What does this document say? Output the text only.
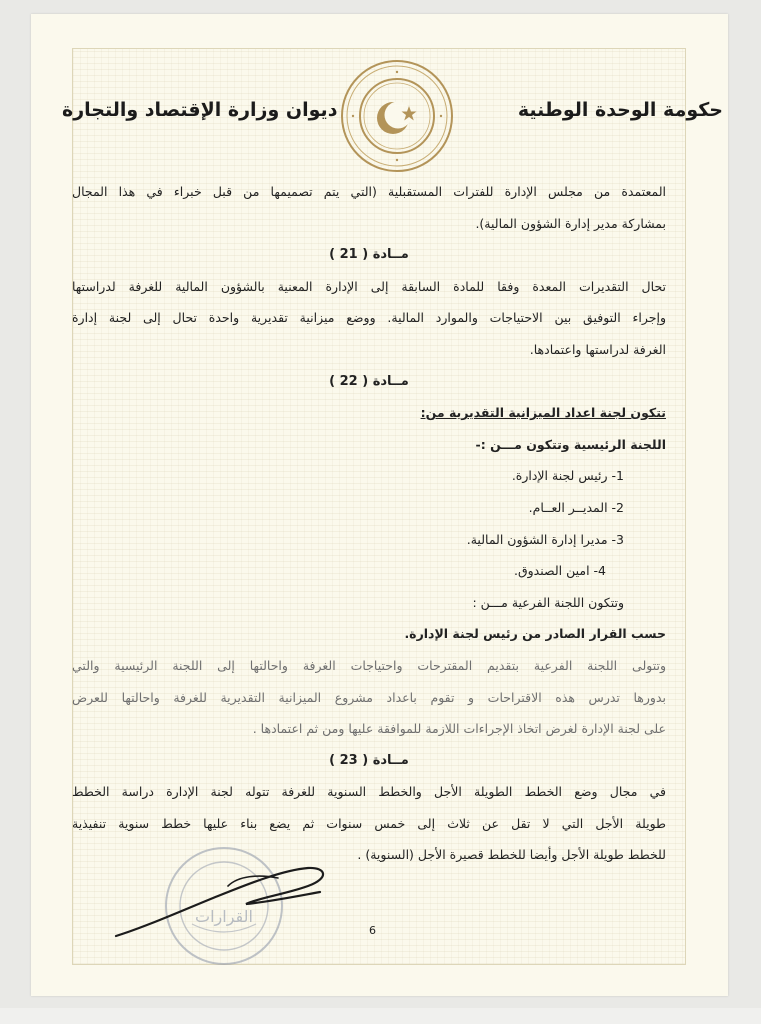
حكومة الوحدة الوطنية
ديوان وزارة الإقتصاد والتجارة
المعتمدة من مجلس الإدارة للفترات المستقبلية (التي يتم تصميمها من قبل خبراء في هذا المجال
بمشاركة مدير إدارة الشؤون المالية).
مــادة ( 21 )
تحال التقديرات المعدة وفقا للمادة السابقة إلى الإدارة المعنية بالشؤون المالية للغرفة لدراستها
وإجراء التوفيق بين الاحتياجات والموارد المالية. ووضع ميزانية تقديرية واحدة تحال إلى لجنة إدارة
الغرفة لدراستها واعتمادها.
مــادة ( 22 )
تتكون لجنة اعداد الميزانية التقديرية من:
اللجنة الرئيسية وتتكون مـــن :-
1- رئيس لجنة الإدارة.
2- المديــر العــام.
3- مديرا إدارة الشؤون المالية.
4- امين الصندوق.
وتتكون اللجنة الفرعية مـــن :
حسب القرار الصادر من رئيس لجنة الإدارة.
وتتولى اللجنة الفرعية بتقديم المقترحات واحتياجات الغرفة واحالتها إلى اللجنة الرئيسية والتي
بدورها تدرس هذه الاقتراحات و تقوم باعداد مشروع الميزانية التقديرية للغرفة واحالتها للعرض
على لجنة الإدارة لغرض اتخاذ الإجراءات اللازمة للموافقة عليها ومن ثم اعتمادها .
مــادة ( 23 )
في مجال وضع الخطط الطويلة الأجل والخطط السنوية للغرفة تتوله لجنة الإدارة دراسة الخطط
طويلة الأجل التي لا تقل عن ثلاث إلى خمس سنوات ثم يضع بناء عليها خطط سنوية تنفيذية
للخطط طويلة الأجل وأيضا للخطط قصيرة الأجل (السنوية) .
القرارات
6
